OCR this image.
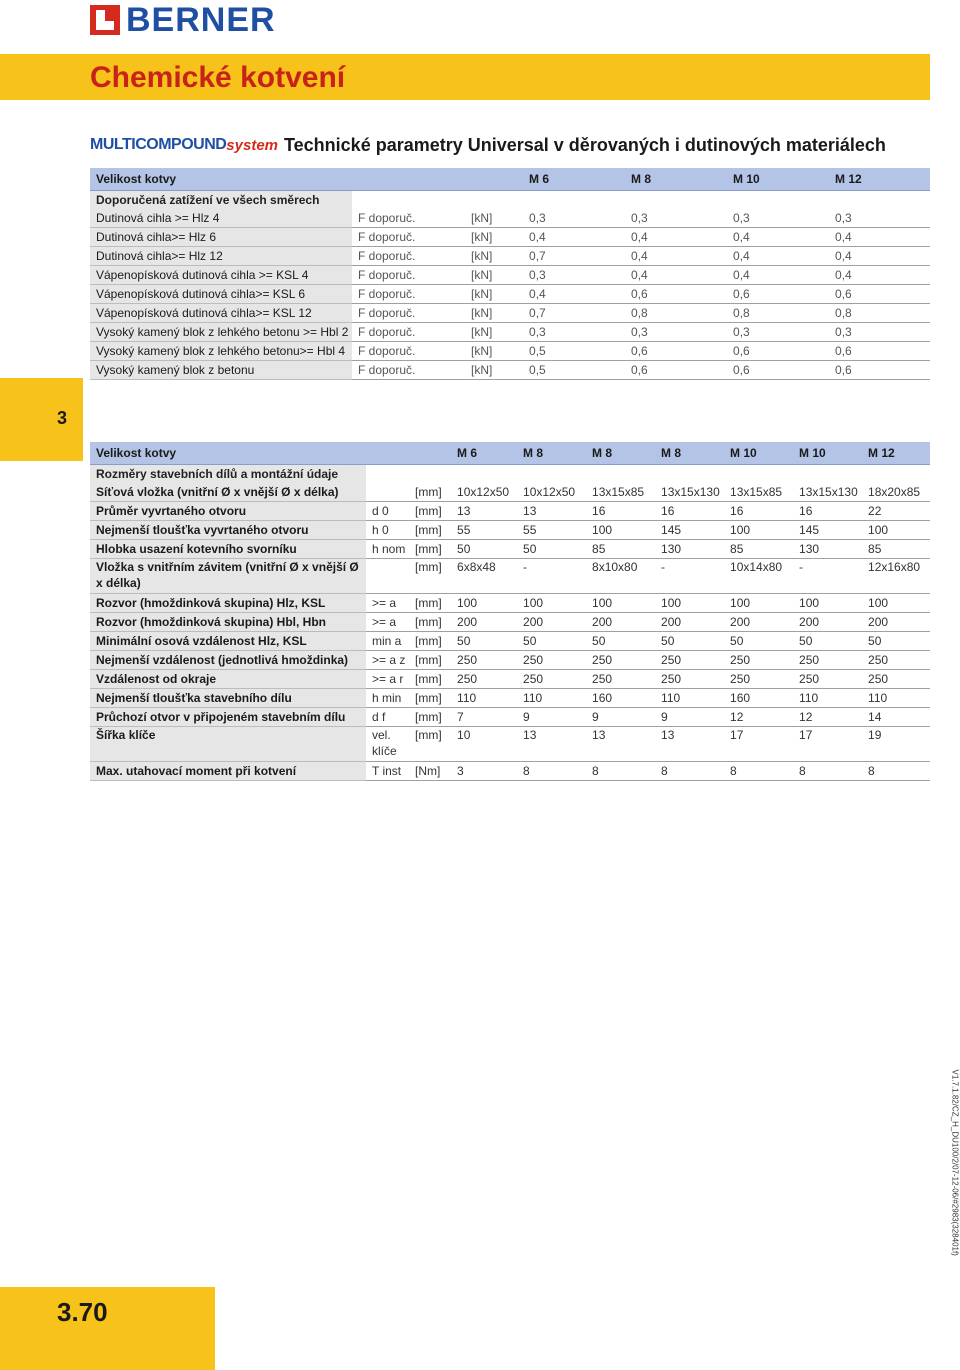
BERNER
Chemické kotvení
MULTICOMPOUND system Technické parametry Universal v děrovaných i dutinových materiálech
Velikost kotvy			M 6	M 8	M 10	M 12
Doporučená zatížení ve všech směrech						
Dutinová cihla >= Hlz 4	F doporuč.	[kN]	0,3	0,3	0,3	0,3
Dutinová cihla>= Hlz 6	F doporuč.	[kN]	0,4	0,4	0,4	0,4
Dutinová cihla>= Hlz 12	F doporuč.	[kN]	0,7	0,4	0,4	0,4
Vápenopísková dutinová cihla >= KSL 4	F doporuč.	[kN]	0,3	0,4	0,4	0,4
Vápenopísková dutinová cihla>= KSL 6	F doporuč.	[kN]	0,4	0,6	0,6	0,6
Vápenopísková dutinová cihla>= KSL 12	F doporuč.	[kN]	0,7	0,8	0,8	0,8
Vysoký kamený blok z lehkého betonu >= Hbl 2	F doporuč.	[kN]	0,3	0,3	0,3	0,3
Vysoký kamený blok z lehkého betonu>= Hbl 4	F doporuč.	[kN]	0,5	0,6	0,6	0,6
Vysoký kamený blok z betonu	F doporuč.	[kN]	0,5	0,6	0,6	0,6
3
Velikost kotvy			M 6	M 8	M 8	M 8	M 10	M 10	M 12
Rozměry stavebních dílů a montážní údaje									
Síťová vložka (vnitřní Ø x vnější Ø x délka)		[mm]	10x12x50	10x12x50	13x15x85	13x15x130	13x15x85	13x15x130	18x20x85
Průměr vyvrtaného otvoru	d 0	[mm]	13	13	16	16	16	16	22
Nejmenší tloušťka vyvrtaného otvoru	h 0	[mm]	55	55	100	145	100	145	100
Hlobka usazení kotevního svorníku	h nom	[mm]	50	50	85	130	85	130	85
Vložka s vnitřním závitem (vnitřní Ø x vnější Ø x délka)		[mm]	6x8x48	-	8x10x80	-	10x14x80	-	12x16x80
Rozvor (hmoždinková skupina) Hlz, KSL	>= a	[mm]	100	100	100	100	100	100	100
Rozvor (hmoždinková skupina) Hbl, Hbn	>= a	[mm]	200	200	200	200	200	200	200
Minimální osová vzdálenost Hlz, KSL	min a	[mm]	50	50	50	50	50	50	50
Nejmenší vzdálenost (jednotlivá hmoždinka)	>= a z	[mm]	250	250	250	250	250	250	250
Vzdálenost od okraje	>= a r	[mm]	250	250	250	250	250	250	250
Nejmenší tloušťka stavebního dílu	h min	[mm]	110	110	160	110	160	110	110
Průchozí otvor v připojeném stavebním dílu	d f	[mm]	7	9	9	9	12	12	14
Šířka klíče	vel. klíče	[mm]	10	13	13	13	17	17	19
Max. utahovací moment při kotvení	T inst	[Nm]	3	8	8	8	8	8	8
V1.7.1.82/CZ_H_DU100/2/07-12-06/#2983(328401f)
3.70
